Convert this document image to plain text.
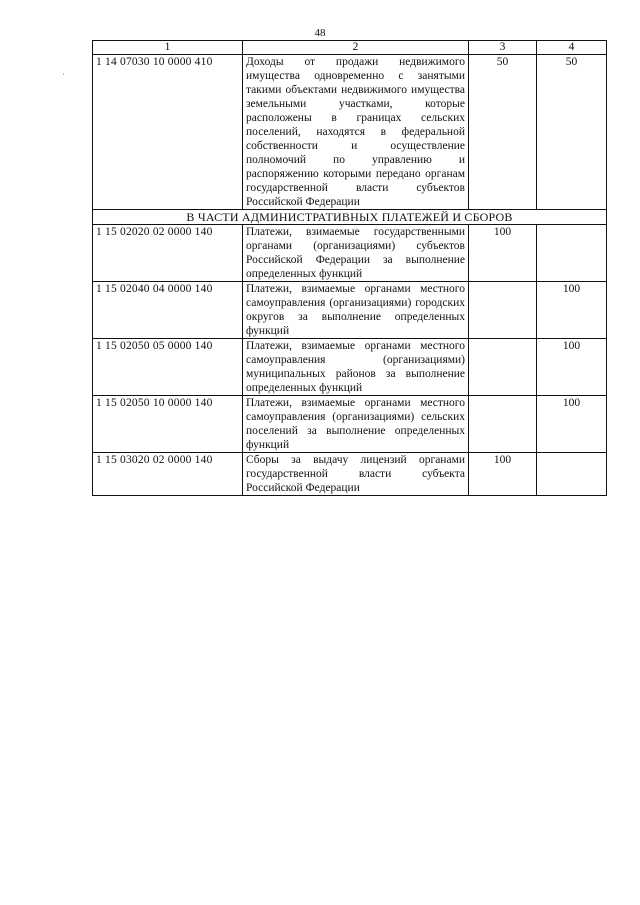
48
·
1	2	3	4
1 14 07030 10 0000 410	Доходы от продажи недвижимого имущества одновременно с занятыми такими объектами недвижимого имущества земельными участками, которые расположены в границах сельских поселений, находятся в федеральной собственности и осуществление полномочий по управлению и распоряжению которыми передано органам государственной власти субъектов Российской Федерации	50	50
В ЧАСТИ АДМИНИСТРАТИВНЫХ ПЛАТЕЖЕЙ И СБОРОВ			
1 15 02020 02 0000 140	Платежи, взимаемые государственными органами (организациями) субъектов Российской Федерации за выполнение определенных функций	100	
1 15 02040 04 0000 140	Платежи, взимаемые органами местного самоуправления (организациями) городских округов за выполнение определенных функций		100
1 15 02050 05 0000 140	Платежи, взимаемые органами местного самоуправления (организациями) муниципальных районов за выполнение определенных функций		100
1 15 02050 10 0000 140	Платежи, взимаемые органами местного самоуправления (организациями) сельских поселений за выполнение определенных функций		100
1 15 03020 02 0000 140	Сборы за выдачу лицензий органами государственной власти субъекта Российской Федерации	100	
